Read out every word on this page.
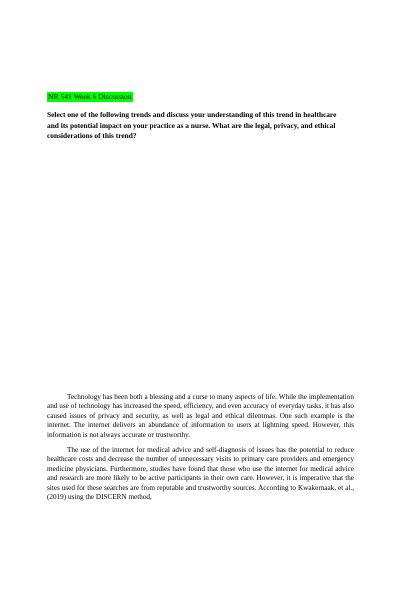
NR 541 Week 6 Discussion
Select one of the following trends and discuss your understanding of this trend in healthcare and its potential impact on your practice as a nurse. What are the legal, privacy, and ethical considerations of this trend?

Technology has been both a blessing and a curse to many aspects of life. While the implementation and use of technology has increased the speed, efficiency, and even accuracy of everyday tasks, it has also caused issues of privacy and security, as well as legal and ethical dilemmas. One such example is the internet. The internet delivers an abundance of information to users at lightning speed. However, this information is not always accurate or trustworthy.

The use of the internet for medical advice and self-diagnosis of issues has the potential to reduce healthcare costs and decrease the number of unnecessary visits to primary care providers and emergency medicine physicians. Furthermore, studies have found that those who use the internet for medical advice and research are more likely to be active participants in their own care. However, it is imperative that the sites used for these searches are from reputable and trustworthy sources. According to Kwakernaak, et al., (2019) using the DISCERN method,
